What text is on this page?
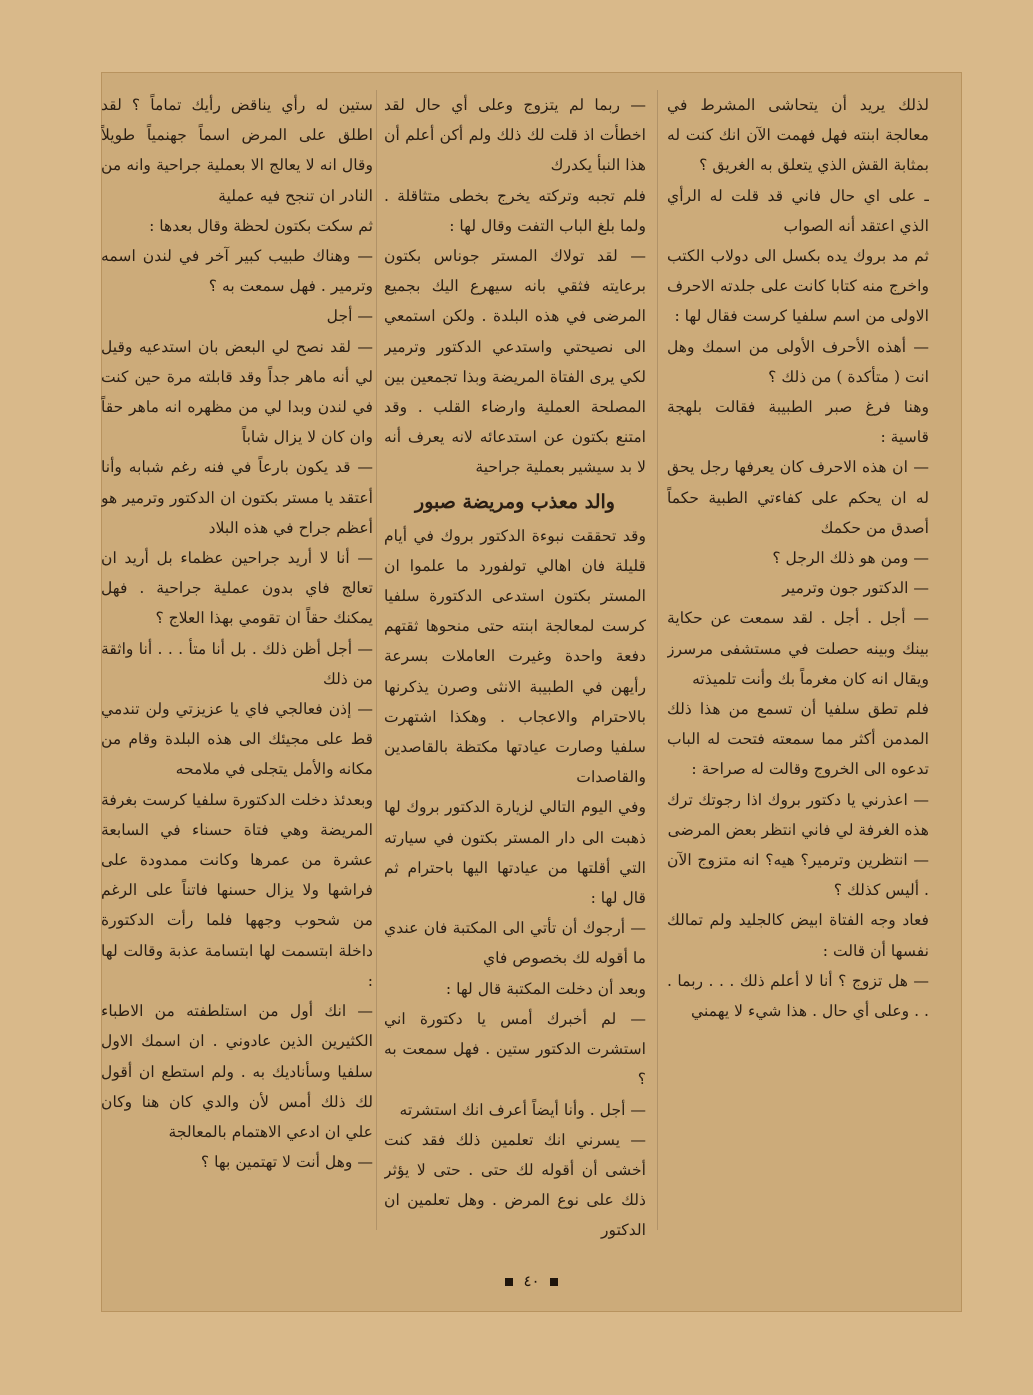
لذلك يريد أن يتحاشى المشرط في معالجة ابنته فهل فهمت الآن انك كنت له بمثابة القش الذي يتعلق به الغريق ؟

ـ على اي حال فاني قد قلت له الرأي الذي اعتقد أنه الصواب

ثم مد بروك يده بكسل الى دولاب الكتب واخرج منه كتابا كانت على جلدته الاحرف الاولى من اسم سلفيا كرست فقال لها :

— أهذه الأحرف الأولى من اسمك وهل انت ( متأكدة ) من ذلك ؟

وهنا فرغ صبر الطبيبة فقالت بلهجة قاسية :

— ان هذه الاحرف كان يعرفها رجل يحق له ان يحكم على كفاءتي الطبية حكماً أصدق من حكمك

— ومن هو ذلك الرجل ؟

— الدكتور جون وترمير

— أجل . أجل . لقد سمعت عن حكاية بينك وبينه حصلت في مستشفى مرسرز ويقال انه كان مغرماً بك وأنت تلميذته

فلم تطق سلفيا أن تسمع من هذا ذلك المدمن أكثر مما سمعته فتحت له الباب تدعوه الى الخروج وقالت له صراحة :

— اعذرني يا دكتور بروك اذا رجوتك ترك هذه الغرفة لي فاني انتظر بعض المرضى

— انتظرين وترمير؟ هيه؟ انه متزوج الآن . أليس كذلك ؟

فعاد وجه الفتاة ابيض كالجليد ولم تمالك نفسها أن قالت :

— هل تزوج ؟ أنا لا أعلم ذلك . . . ربما . . . وعلى أي حال . هذا شيء لا يهمني

— ربما لم يتزوج وعلى أي حال لقد اخطأت اذ قلت لك ذلك ولم أكن أعلم أن هذا النبأ يكدرك

فلم تجبه وتركته يخرج بخطى متثاقلة . ولما بلغ الباب التفت وقال لها :

— لقد تولاك المستر جوناس بكتون برعايته فثقي بانه سيهرع اليك بجميع المرضى في هذه البلدة . ولكن استمعي الى نصيحتي واستدعي الدكتور وترمير لكي يرى الفتاة المريضة وبذا تجمعين بين المصلحة العملية وارضاء القلب . وقد امتنع بكتون عن استدعائه لانه يعرف أنه لا بد سيشير بعملية جراحية

والد معذب ومريضة صبور

وقد تحققت نبوءة الدكتور بروك في أيام قليلة فان اهالي تولفورد ما علموا ان المستر بكتون استدعى الدكتورة سلفيا كرست لمعالجة ابنته حتى منحوها ثقتهم دفعة واحدة وغيرت العاملات بسرعة رأيهن في الطبيبة الانثى وصرن يذكرنها بالاحترام والاعجاب . وهكذا اشتهرت سلفيا وصارت عيادتها مكتظة بالقاصدين والقاصدات

وفي اليوم التالي لزيارة الدكتور بروك لها ذهبت الى دار المستر بكتون في سيارته التي أقلتها من عيادتها اليها باحترام ثم قال لها :

— أرجوك أن تأتي الى المكتبة فان عندي ما أقوله لك بخصوص فاي

وبعد أن دخلت المكتبة قال لها :

— لم أخبرك أمس يا دكتورة اني استشرت الدكتور ستين . فهل سمعت به ؟

— أجل . وأنا أيضاً أعرف انك استشرته

— يسرني انك تعلمين ذلك فقد كنت أخشى أن أقوله لك حتى . حتى لا يؤثر ذلك على نوع المرض . وهل تعلمين ان الدكتور

ستين له رأي يناقض رأيك تماماً ؟ لقد اطلق على المرض اسماً جهنمياً طويلاً وقال انه لا يعالج الا بعملية جراحية وانه من النادر ان تنجح فيه عملية

ثم سكت بكتون لحظة وقال بعدها :

— وهناك طبيب كبير آخر في لندن اسمه وترمير . فهل سمعت به ؟

— أجل

— لقد نصح لي البعض بان استدعيه وقيل لي أنه ماهر جداً وقد قابلته مرة حين كنت في لندن وبدا لي من مظهره انه ماهر حقاً وان كان لا يزال شاباً

— قد يكون بارعاً في فنه رغم شبابه وأنا أعتقد يا مستر بكتون ان الدكتور وترمير هو أعظم جراح في هذه البلاد

— أنا لا أريد جراحين عظماء بل أريد ان تعالج فاي بدون عملية جراحية . فهل يمكنك حقاً ان تقومي بهذا العلاج ؟

— أجل أظن ذلك . بل أنا متأ . . . أنا واثقة من ذلك

— إذن فعالجي فاي يا عزيزتي ولن تندمي قط على مجيئك الى هذه البلدة وقام من مكانه والأمل يتجلى في ملامحه

وبعدئذ دخلت الدكتورة سلفيا كرست بغرفة المريضة وهي فتاة حسناء في السابعة عشرة من عمرها وكانت ممدودة على فراشها ولا يزال حسنها فاتناً على الرغم من شحوب وجهها فلما رأت الدكتورة داخلة ابتسمت لها ابتسامة عذبة وقالت لها :

— انك أول من استلطفته من الاطباء الكثيرين الذين عادوني . ان اسمك الاول سلفيا وسأناديك به . ولم استطع ان أقول لك ذلك أمس لأن والدي كان هنا وكان علي ان ادعي الاهتمام بالمعالجة

— وهل أنت لا تهتمين بها ؟

٤٠
